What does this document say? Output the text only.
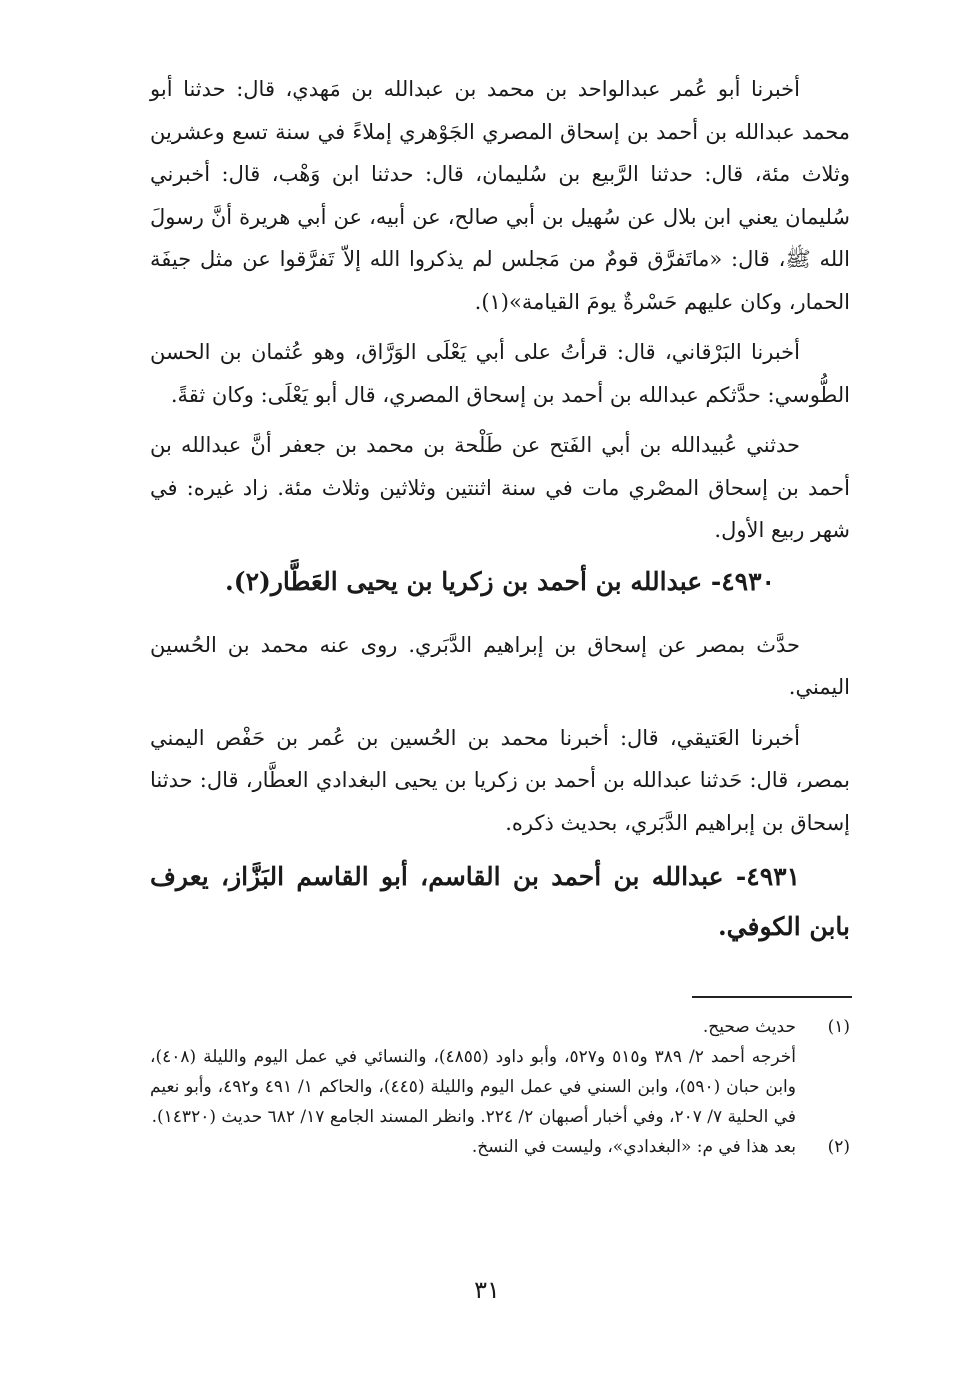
أخبرنا أبو عُمر عبدالواحد بن محمد بن عبدالله بن مَهدي، قال: حدثنا أبو محمد عبدالله بن أحمد بن إسحاق المصري الجَوْهري إملاءً في سنة تسع وعشرين وثلاث مئة، قال: حدثنا الرَّبيع بن سُليمان، قال: حدثنا ابن وَهْب، قال: أخبرني سُليمان يعني ابن بلال عن سُهيل بن أبي صالح، عن أبيه، عن أبي هريرة أنَّ رسولَ الله ﷺ، قال: «ماتَفرَّق قومٌ من مَجلس لم يذكروا الله إلاّ تَفرَّقوا عن مثل جيفَة الحمار، وكان عليهم حَسْرةٌ يومَ القيامة»(١).

أخبرنا البَرْقاني، قال: قرأتُ على أبي يَعْلَى الوَرَّاق، وهو عُثمان بن الحسن الطُّوسي: حدَّثكم عبدالله بن أحمد بن إسحاق المصري، قال أبو يَعْلَى: وكان ثقةً.

حدثني عُبيدالله بن أبي الفَتح عن طَلْحة بن محمد بن جعفر أنَّ عبدالله بن أحمد بن إسحاق المصْري مات في سنة اثنتين وثلاثين وثلاث مئة. زاد غيره: في شهر ربيع الأول.

٤٩٣٠- عبدالله بن أحمد بن زكريا بن يحيى العَطَّار(٢).

حدَّث بمصر عن إسحاق بن إبراهيم الدَّبَري. روى عنه محمد بن الحُسين اليمني.

أخبرنا العَتيقي، قال: أخبرنا محمد بن الحُسين بن عُمر بن حَفْص اليمني بمصر، قال: حَدثنا عبدالله بن أحمد بن زكريا بن يحيى البغدادي العطَّار، قال: حدثنا إسحاق بن إبراهيم الدَّبَري، بحديث ذكره.

٤٩٣١- عبدالله بن أحمد بن القاسم، أبو القاسم البَزَّاز، يعرف بابن الكوفي.

(١)

حديث صحيح.

أخرجه أحمد ٢/ ٣٨٩ و٥١٥ و٥٢٧، وأبو داود (٤٨٥٥)، والنسائي في عمل اليوم والليلة (٤٠٨)، وابن حبان (٥٩٠)، وابن السني في عمل اليوم والليلة (٤٤٥)، والحاكم ١/ ٤٩١ و٤٩٢، وأبو نعيم في الحلية ٧/ ٢٠٧، وفي أخبار أصبهان ٢/ ٢٢٤. وانظر المسند الجامع ١٧/ ٦٨٢ حديث (١٤٣٢٠).

(٢)

بعد هذا في م: «البغدادي»، وليست في النسخ.

٣١
